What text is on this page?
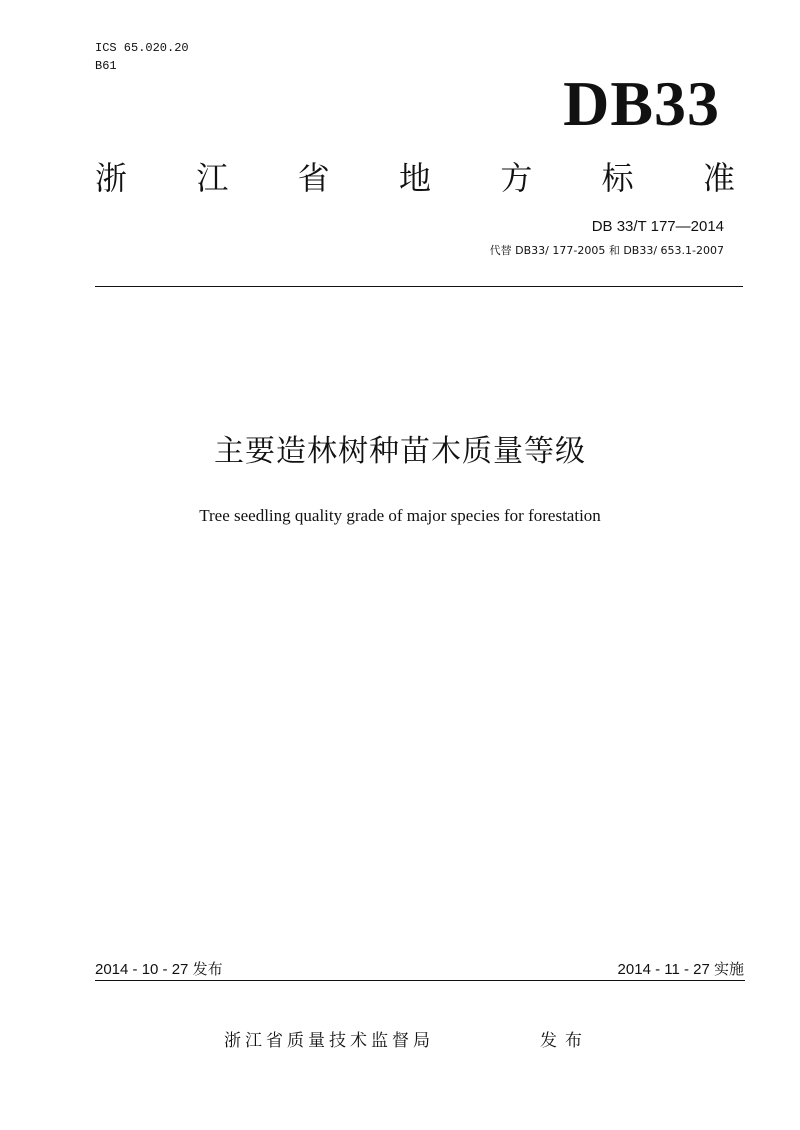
ICS 65.020.20
B61
DB33
浙 江 省 地 方 标 准
DB 33/T 177—2014
代替 DB33/ 177-2005 和 DB33/ 653.1-2007
主要造林树种苗木质量等级
Tree seedling quality grade of major species for forestation
2014 - 10 - 27 发布	2014 - 11 - 27 实施
浙江省质量技术监督局	发布
